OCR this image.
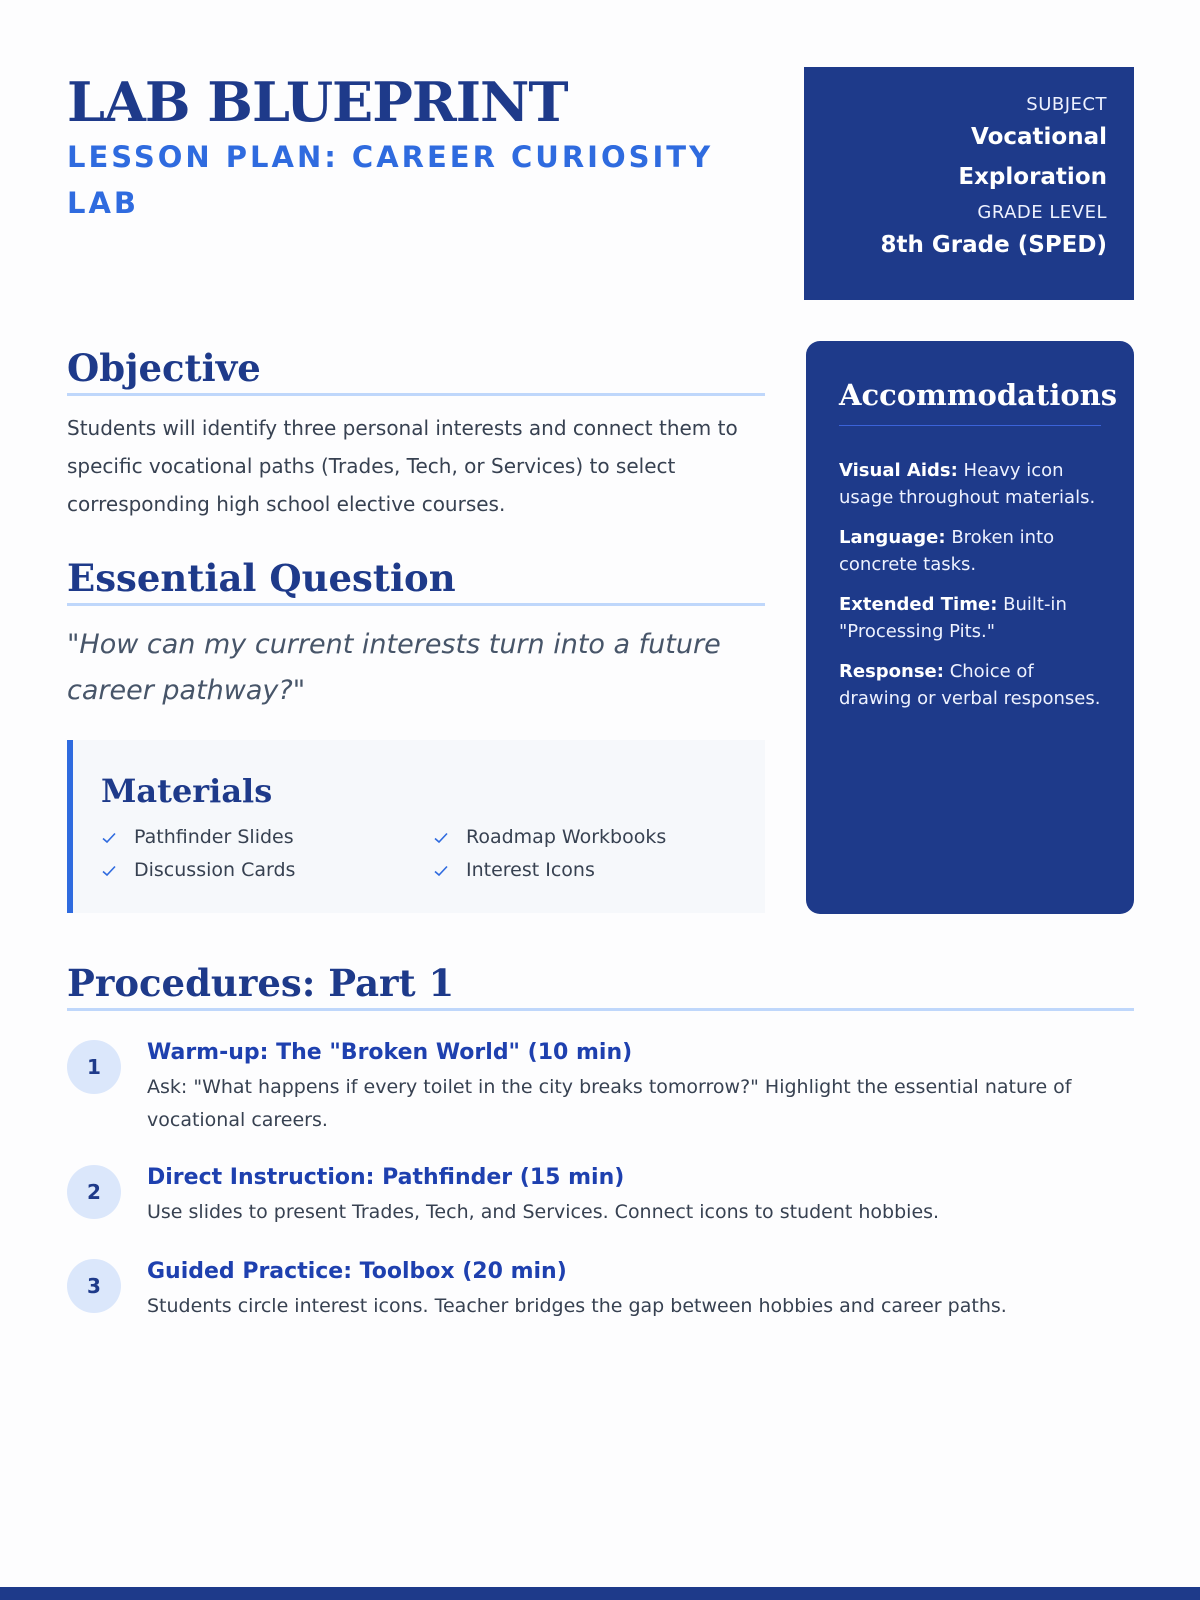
LAB BLUEPRINT
LESSON PLAN: CAREER CURIOSITY LAB
SUBJECT
Vocational Exploration
GRADE LEVEL
8th Grade (SPED)
Objective

Students will identify three personal interests and connect them to specific vocational paths (Trades, Tech, or Services) to select corresponding high school elective courses.

Essential Question

"How can my current interests turn into a future career pathway?"

Materials
Pathfinder Slides	Roadmap Workbooks
Discussion Cards	Interest Icons
Accommodations

Visual Aids: Heavy icon usage throughout materials.

Language: Broken into concrete tasks.

Extended Time: Built-in "Processing Pits."

Response: Choice of drawing or verbal responses.

Procedures: Part 1
1
Warm-up: The "Broken World" (10 min)
Ask: "What happens if every toilet in the city breaks tomorrow?" Highlight the essential nature of vocational careers.
2
Direct Instruction: Pathfinder (15 min)
Use slides to present Trades, Tech, and Services. Connect icons to student hobbies.
3
Guided Practice: Toolbox (20 min)
Students circle interest icons. Teacher bridges the gap between hobbies and career paths.
